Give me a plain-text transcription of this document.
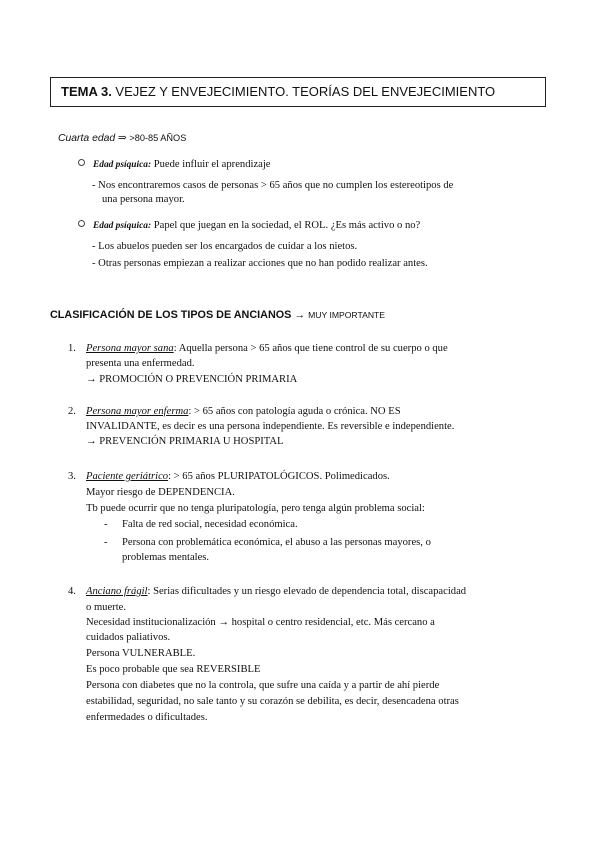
TEMA 3. VEJEZ Y ENVEJECIMIENTO. TEORÍAS DEL ENVEJECIMIENTO
Cuarta edad ⇒ >80-85 AÑOS
Edad psíquica: Puede influir el aprendizaje
- Nos encontraremos casos de personas > 65 años que no cumplen los estereotipos de
una persona mayor.
Edad psíquica: Papel que juegan en la sociedad, el ROL. ¿Es más activo o no?
- Los abuelos pueden ser los encargados de cuidar a los nietos.
- Otras personas empiezan a realizar acciones que no han podido realizar antes.
CLASIFICACIÓN DE LOS TIPOS DE ANCIANOS → MUY IMPORTANTE
1. Persona mayor sana: Aquella persona > 65 años que tiene control de su cuerpo o que
presenta una enfermedad.
→ PROMOCIÓN O PREVENCIÓN PRIMARIA
2. Persona mayor enferma: > 65 años con patología aguda o crónica. NO ES
INVALIDANTE, es decir es una persona independiente. Es reversible e independiente.
→ PREVENCIÓN PRIMARIA U HOSPITAL
3. Paciente geriátrico: > 65 años PLURIPATOLÓGICOS. Polimedicados.
Mayor riesgo de DEPENDENCIA.
Tb puede ocurrir que no tenga pluripatología, pero tenga algún problema social:
- Falta de red social, necesidad económica.
- Persona con problemática económica, el abuso a las personas mayores, o
problemas mentales.
4. Anciano frágil: Serias dificultades y un riesgo elevado de dependencia total, discapacidad
o muerte.
Necesidad institucionalización → hospital o centro residencial, etc. Más cercano a
cuidados paliativos.
Persona VULNERABLE.
Es poco probable que sea REVERSIBLE
Persona con diabetes que no la controla, que sufre una caída y a partir de ahí pierde
estabilidad, seguridad, no sale tanto y su corazón se debilita, es decir, desencadena otras
enfermedades o dificultades.
